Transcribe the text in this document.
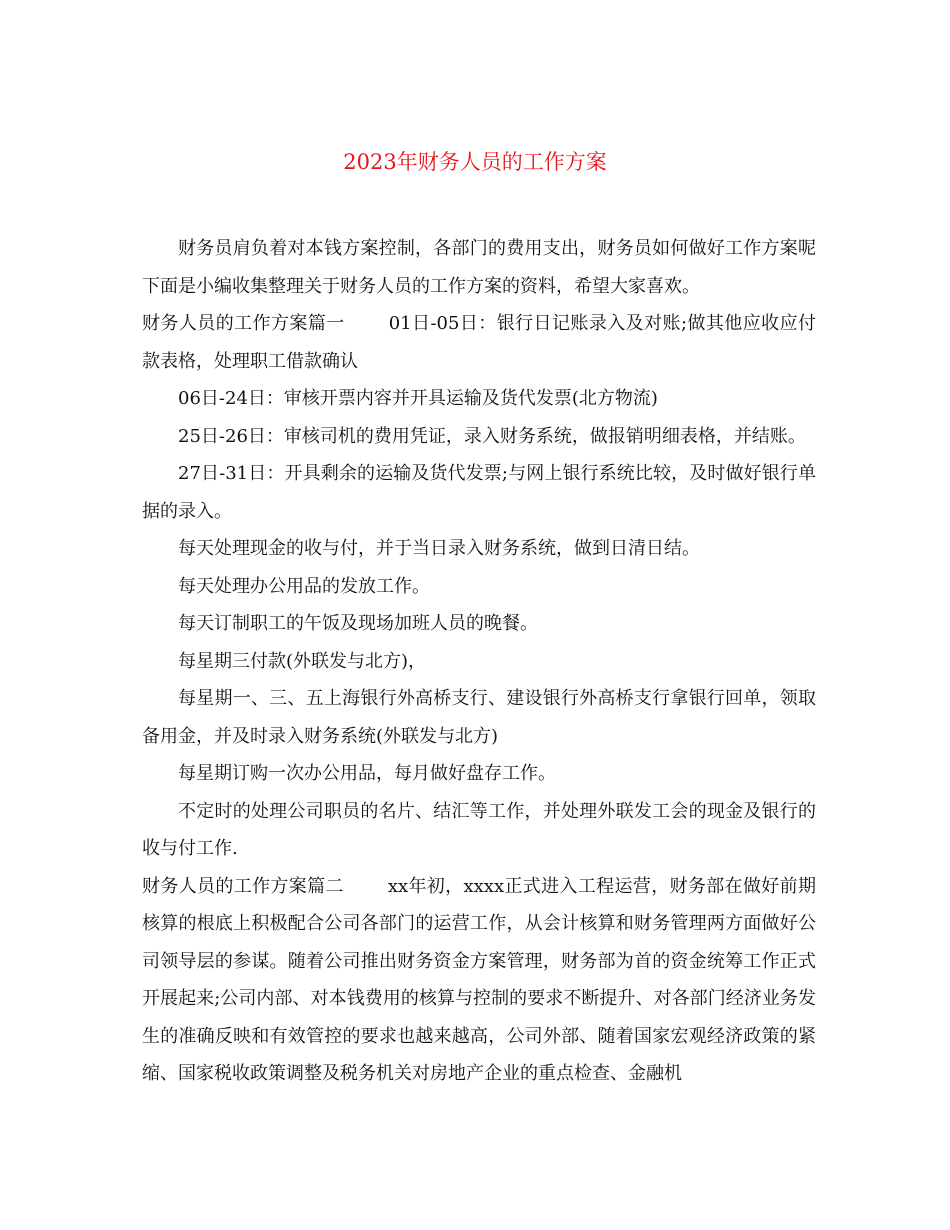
2023年财务人员的工作方案

财务员肩负着对本钱方案控制，各部门的费用支出，财务员如何做好工作方案呢下面是小编收集整理关于财务人员的工作方案的资料，希望大家喜欢。

财务人员的工作方案篇一 01日-05日：银行日记账录入及对账;做其他应收应付款表格，处理职工借款确认

06日-24日：审核开票内容并开具运输及货代发票(北方物流)

25日-26日：审核司机的费用凭证，录入财务系统，做报销明细表格，并结账。

27日-31日：开具剩余的运输及货代发票;与网上银行系统比较，及时做好银行单据的录入。

每天处理现金的收与付，并于当日录入财务系统，做到日清日结。

每天处理办公用品的发放工作。

每天订制职工的午饭及现场加班人员的晚餐。

每星期三付款(外联发与北方)，

每星期一、三、五上海银行外高桥支行、建设银行外高桥支行拿银行回单，领取备用金，并及时录入财务系统(外联发与北方)

每星期订购一次办公用品，每月做好盘存工作。

不定时的处理公司职员的名片、结汇等工作，并处理外联发工会的现金及银行的收与付工作.

财务人员的工作方案篇二 xx年初，xxxx正式进入工程运营，财务部在做好前期核算的根底上积极配合公司各部门的运营工作，从会计核算和财务管理两方面做好公司领导层的参谋。随着公司推出财务资金方案管理，财务部为首的资金统筹工作正式开展起来;公司内部、对本钱费用的核算与控制的要求不断提升、对各部门经济业务发生的准确反映和有效管控的要求也越来越高，公司外部、随着国家宏观经济政策的紧缩、国家税收政策调整及税务机关对房地产企业的重点检查、金融机
